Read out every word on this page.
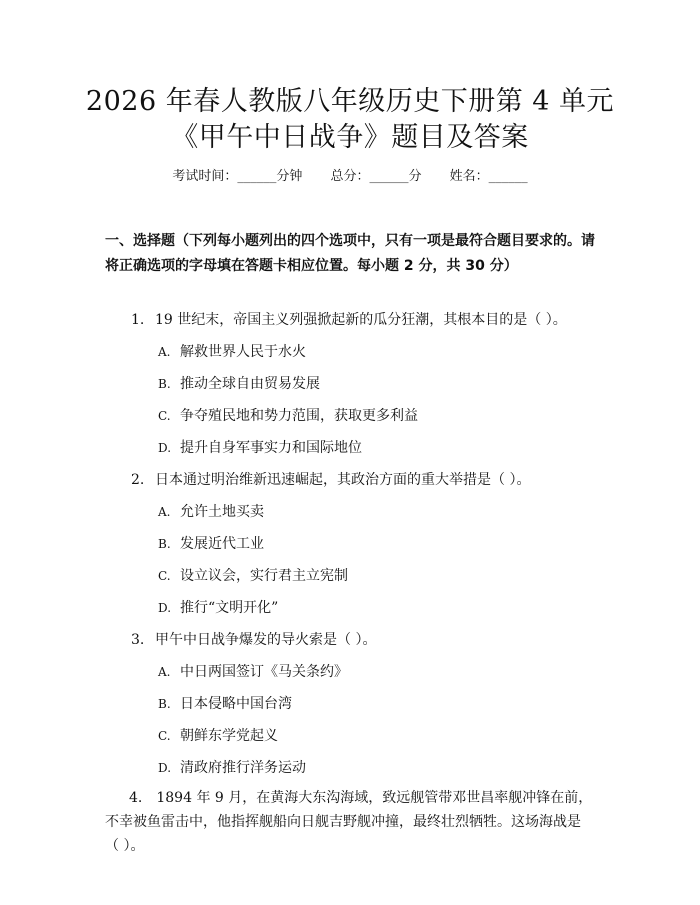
2026 年春人教版八年级历史下册第 4 单元
《甲午中日战争》题目及答案
考试时间：______分钟 总分：______分 姓名：______
一、选择题（下列每小题列出的四个选项中，只有一项是最符合题目要求的。请将正确选项的字母填在答题卡相应位置。每小题 2 分，共 30 分）
1. 19 世纪末，帝国主义列强掀起新的瓜分狂潮，其根本目的是（ ）。
A. 解救世界人民于水火
B. 推动全球自由贸易发展
C. 争夺殖民地和势力范围，获取更多利益
D. 提升自身军事实力和国际地位
2. 日本通过明治维新迅速崛起，其政治方面的重大举措是（ ）。
A. 允许土地买卖
B. 发展近代工业
C. 设立议会，实行君主立宪制
D. 推行“文明开化”
3. 甲午中日战争爆发的导火索是（ ）。
A. 中日两国签订《马关条约》
B. 日本侵略中国台湾
C. 朝鲜东学党起义
D. 清政府推行洋务运动
4. 1894 年 9 月，在黄海大东沟海域，致远舰管带邓世昌率舰冲锋在前，不幸被鱼雷击中，他指挥舰船向日舰吉野舰冲撞，最终壮烈牺牲。这场海战是（ ）。
